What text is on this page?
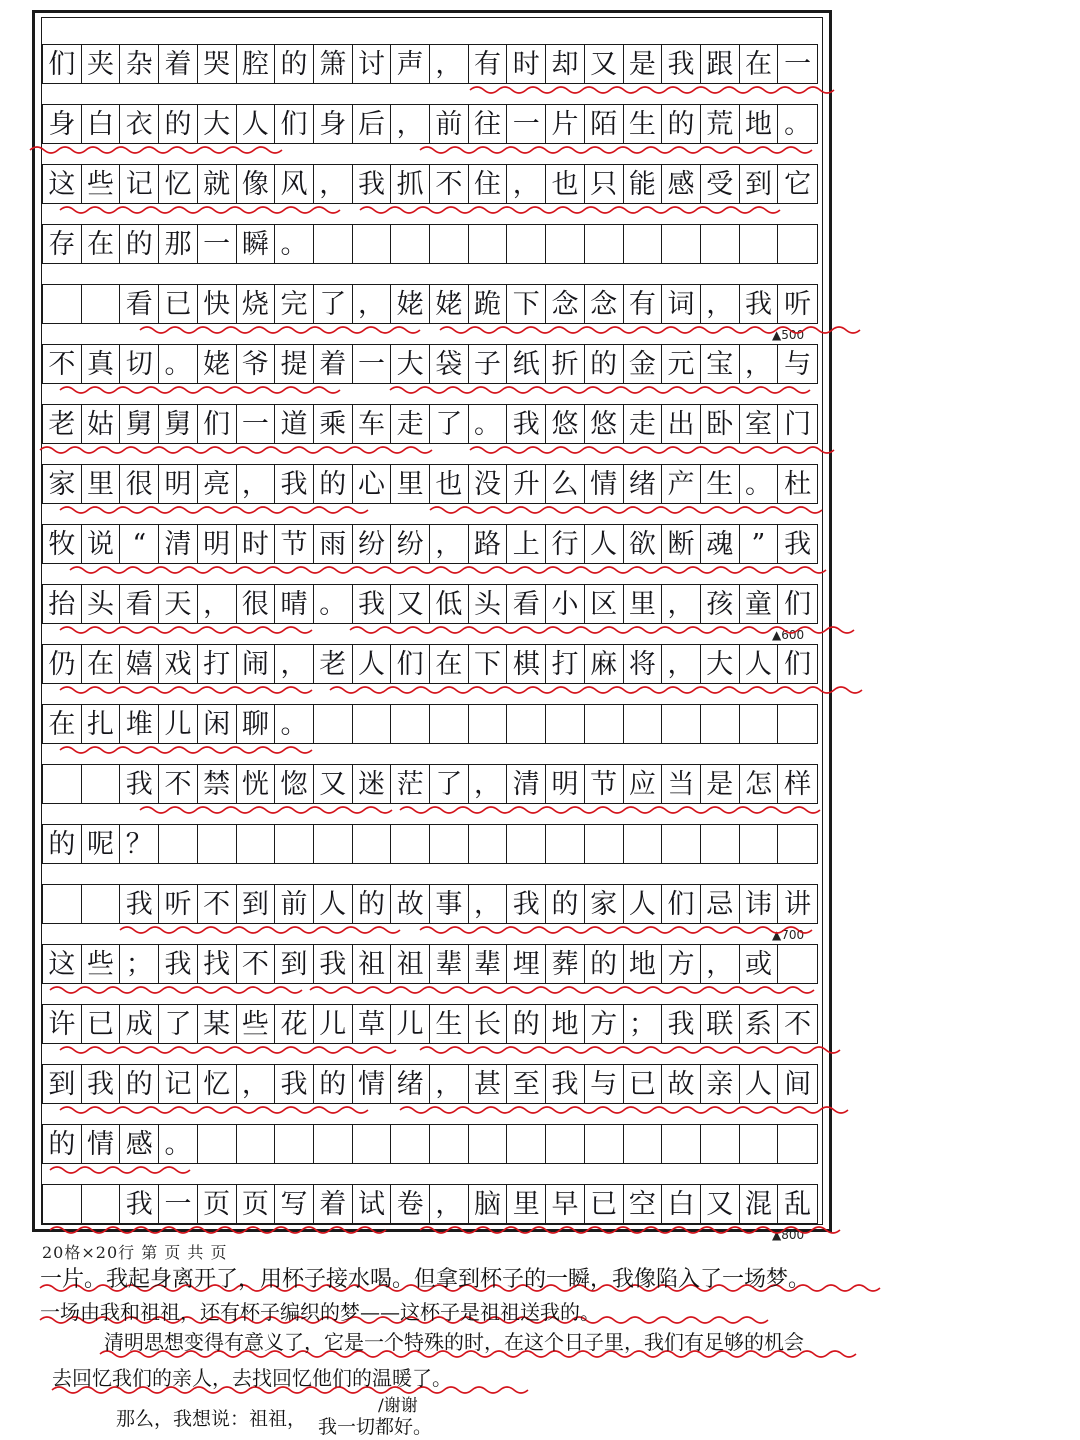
们 夹 杂 着 哭 腔 的 箫 讨 声 ， 有 时 却 又 是 我 跟 在 一
身 白 衣 的 大 人 们 身 后 ， 前 往 一 片 陌 生 的 荒 地 。
这 些 记 忆 就 像 风 ， 我 抓 不 住 ， 也 只 能 感 受 到 它
存 在 的 那 一 瞬 。
看 已 快 烧 完 了 ， 姥 姥 跪 下 念 念 有 词 ， 我 听
不 真 切 。 姥 爷 提 着 一 大 袋 子 纸 折 的 金 元 宝 ， 与
老 姑 舅 舅 们 一 道 乘 车 走 了 。 我 悠 悠 走 出 卧 室 门
家 里 很 明 亮 ， 我 的 心 里 也 没 升 么 情 绪 产 生 。 杜
牧 说 “ 清 明 时 节 雨 纷 纷 ， 路 上 行 人 欲 断 魂 ” 我
抬 头 看 天 ， 很 晴 。 我 又 低 头 看 小 区 里 ， 孩 童 们
仍 在 嬉 戏 打 闹 ， 老 人 们 在 下 棋 打 麻 将 ， 大 人 们
在 扎 堆 儿 闲 聊 。
我 不 禁 恍 惚 又 迷 茫 了 ， 清 明 节 应 当 是 怎 样
的 呢 ？
我 听 不 到 前 人 的 故 事 ， 我 的 家 人 们 忌 讳 讲
这 些 ； 我 找 不 到 我 祖 祖 辈 辈 埋 葬 的 地 方 ， 或
许 已 成 了 某 些 花 儿 草 儿 生 长 的 地 方 ； 我 联 系 不
到 我 的 记 忆 ， 我 的 情 绪 ， 甚 至 我 与 已 故 亲 人 间
的 情 感 。
我 一 页 页 写 着 试 卷 ， 脑 里 早 已 空 白 又 混 乱
▲500
▲600
▲700
▲800
20格×20行 第 页 共 页
一片。我起身离开了，用杯子接水喝。但拿到杯子的一瞬，我像陷入了一场梦。
一场由我和祖祖，还有杯子编织的梦——这杯子是祖祖送我的。
清明思想变得有意义了，它是一个特殊的时，在这个日子里，我们有足够的机会
去回忆我们的亲人，去找回忆他们的温暖了。
那么，我想说：祖祖，
/谢谢
我一切都好。
